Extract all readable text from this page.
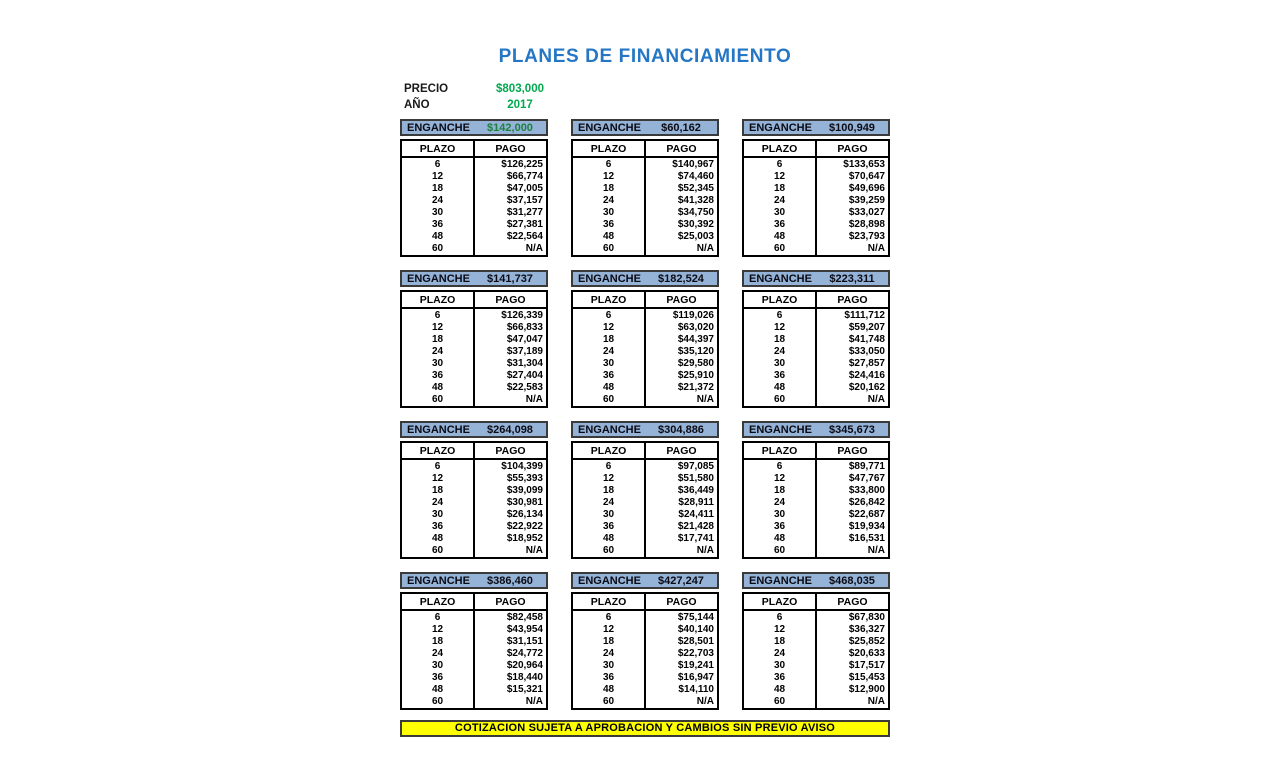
PLANES DE FINANCIAMIENTO
PRECIO	$803,000
AÑO	2017
ENGANCHE	$142,000
PLAZO	PAGO
6	$126,225
12	$66,774
18	$47,005
24	$37,157
30	$31,277
36	$27,381
48	$22,564
60	N/A
ENGANCHE	$60,162
PLAZO	PAGO
6	$140,967
12	$74,460
18	$52,345
24	$41,328
30	$34,750
36	$30,392
48	$25,003
60	N/A
ENGANCHE	$100,949
PLAZO	PAGO
6	$133,653
12	$70,647
18	$49,696
24	$39,259
30	$33,027
36	$28,898
48	$23,793
60	N/A
ENGANCHE	$141,737
PLAZO	PAGO
6	$126,339
12	$66,833
18	$47,047
24	$37,189
30	$31,304
36	$27,404
48	$22,583
60	N/A
ENGANCHE	$182,524
PLAZO	PAGO
6	$119,026
12	$63,020
18	$44,397
24	$35,120
30	$29,580
36	$25,910
48	$21,372
60	N/A
ENGANCHE	$223,311
PLAZO	PAGO
6	$111,712
12	$59,207
18	$41,748
24	$33,050
30	$27,857
36	$24,416
48	$20,162
60	N/A
ENGANCHE	$264,098
PLAZO	PAGO
6	$104,399
12	$55,393
18	$39,099
24	$30,981
30	$26,134
36	$22,922
48	$18,952
60	N/A
ENGANCHE	$304,886
PLAZO	PAGO
6	$97,085
12	$51,580
18	$36,449
24	$28,911
30	$24,411
36	$21,428
48	$17,741
60	N/A
ENGANCHE	$345,673
PLAZO	PAGO
6	$89,771
12	$47,767
18	$33,800
24	$26,842
30	$22,687
36	$19,934
48	$16,531
60	N/A
ENGANCHE	$386,460
PLAZO	PAGO
6	$82,458
12	$43,954
18	$31,151
24	$24,772
30	$20,964
36	$18,440
48	$15,321
60	N/A
ENGANCHE	$427,247
PLAZO	PAGO
6	$75,144
12	$40,140
18	$28,501
24	$22,703
30	$19,241
36	$16,947
48	$14,110
60	N/A
ENGANCHE	$468,035
PLAZO	PAGO
6	$67,830
12	$36,327
18	$25,852
24	$20,633
30	$17,517
36	$15,453
48	$12,900
60	N/A
COTIZACION SUJETA A APROBACION Y CAMBIOS SIN PREVIO AVISO
